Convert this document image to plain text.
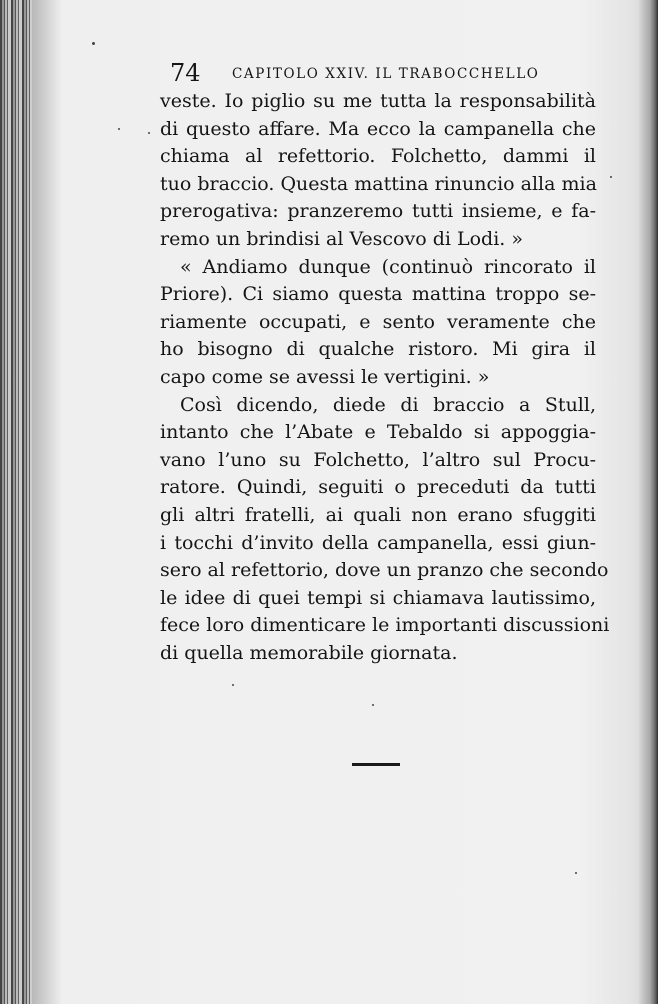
74 CAPITOLO XXIV. IL TRABOCCHELLO
veste. Io piglio su me tutta la responsabilità
di questo affare. Ma ecco la campanella che
chiama al refettorio. Folchetto, dammi il
tuo braccio. Questa mattina rinuncio alla mia
prerogativa: pranzeremo tutti insieme, e fa-
remo un brindisi al Vescovo di Lodi. »
« Andiamo dunque (continuò rincorato il
Priore). Ci siamo questa mattina troppo se-
riamente occupati, e sento veramente che
ho bisogno di qualche ristoro. Mi gira il
capo come se avessi le vertigini. »
Così dicendo, diede di braccio a Stull,
intanto che l’Abate e Tebaldo si appoggia-
vano l’uno su Folchetto, l’altro sul Procu-
ratore. Quindi, seguiti o preceduti da tutti
gli altri fratelli, ai quali non erano sfuggiti
i tocchi d’invito della campanella, essi giun-
sero al refettorio, dove un pranzo che secondo
le idee di quei tempi si chiamava lautissimo,
fece loro dimenticare le importanti discussioni
di quella memorabile giornata.
